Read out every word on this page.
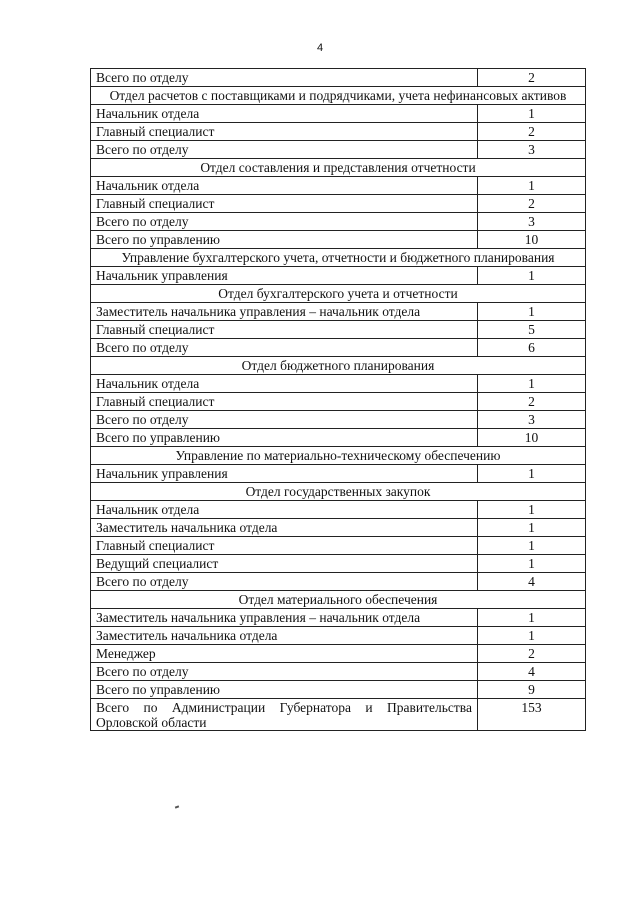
4
Всего по отделу	2
Отдел расчетов с поставщиками и подрядчиками, учета нефинансовых активов	
Начальник отдела	1
Главный специалист	2
Всего по отделу	3
Отдел составления и представления отчетности	
Начальник отдела	1
Главный специалист	2
Всего по отделу	3
Всего по управлению	10
Управление бухгалтерского учета, отчетности и бюджетного планирования	
Начальник управления	1
Отдел бухгалтерского учета и отчетности	
Заместитель начальника управления – начальник отдела	1
Главный специалист	5
Всего по отделу	6
Отдел бюджетного планирования	
Начальник отдела	1
Главный специалист	2
Всего по отделу	3
Всего по управлению	10
Управление по материально-техническому обеспечению	
Начальник управления	1
Отдел государственных закупок	
Начальник отдела	1
Заместитель начальника отдела	1
Главный специалист	1
Ведущий специалист	1
Всего по отделу	4
Отдел материального обеспечения	
Заместитель начальника управления – начальник отдела	1
Заместитель начальника отдела	1
Менеджер	2
Всего по отделу	4
Всего по управлению	9
Всего по Администрации Губернатора и Правительства Орловской области	153
